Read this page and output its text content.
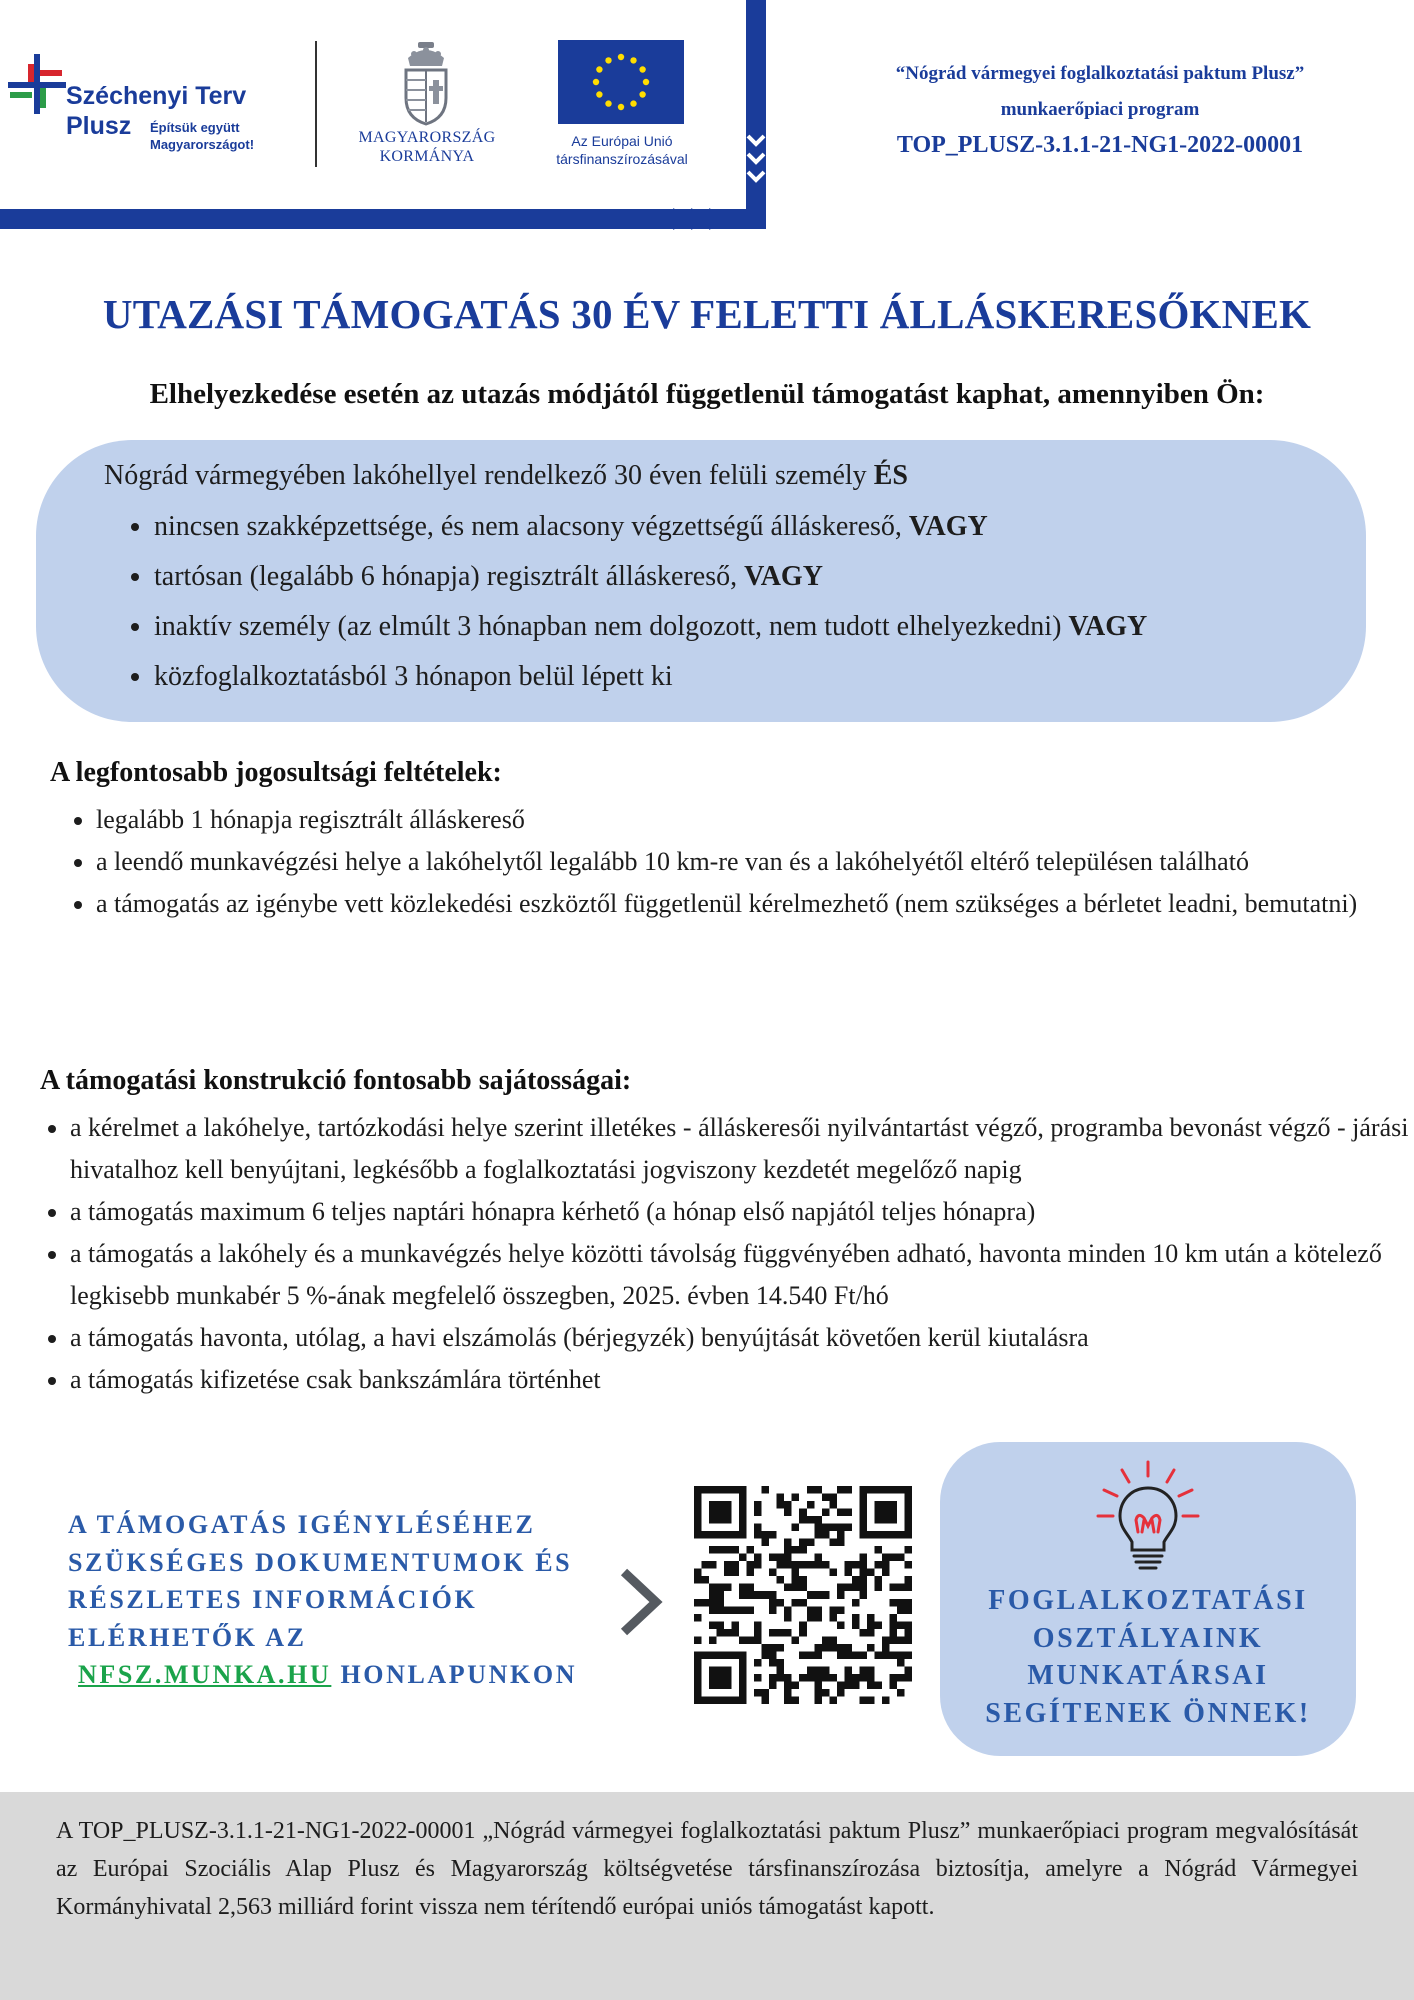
Széchenyi Terv
Plusz Építsük együtt Magyarországot!	MAGYARORSZÁG
KORMÁNYA
Az Európai Unió
társfinanszírozásával
“Nógrád vármegyei foglalkoztatási paktum Plusz”
munkaerőpiaci program
TOP_PLUSZ-3.1.1-21-NG1-2022-00001
UTAZÁSI TÁMOGATÁS 30 ÉV FELETTI ÁLLÁSKERESŐKNEK
Elhelyezkedése esetén az utazás módjától függetlenül támogatást kaphat, amennyiben Ön:
Nógrád vármegyében lakóhellyel rendelkező 30 éven felüli személy ÉS
• nincsen szakképzettsége, és nem alacsony végzettségű álláskereső, VAGY
• tartósan (legalább 6 hónapja) regisztrált álláskereső, VAGY
• inaktív személy (az elmúlt 3 hónapban nem dolgozott, nem tudott elhelyezkedni) VAGY
• közfoglalkoztatásból 3 hónapon belül lépett ki
A legfontosabb jogosultsági feltételek:
• legalább 1 hónapja regisztrált álláskereső
• a leendő munkavégzési helye a lakóhelytől legalább 10 km-re van és a lakóhelyétől eltérő településen található
• a támogatás az igénybe vett közlekedési eszköztől függetlenül kérelmezhető (nem szükséges a bérletet leadni, bemutatni)
A támogatási konstrukció fontosabb sajátosságai:
• a kérelmet a lakóhelye, tartózkodási helye szerint illetékes - álláskeresői nyilvántartást végző, programba bevonást végző - járási hivatalhoz kell benyújtani, legkésőbb a foglalkoztatási jogviszony kezdetét megelőző napig
• a támogatás maximum 6 teljes naptári hónapra kérhető (a hónap első napjától teljes hónapra)
• a támogatás a lakóhely és a munkavégzés helye közötti távolság függvényében adható, havonta minden 10 km után a kötelező legkisebb munkabér 5 %-ának megfelelő összegben, 2025. évben 14.540 Ft/hó
• a támogatás havonta, utólag, a havi elszámolás (bérjegyzék) benyújtását követően kerül kiutalásra
• a támogatás kifizetése csak bankszámlára történhet
A TÁMOGATÁS IGÉNYLÉSÉHEZ
SZÜKSÉGES DOKUMENTUMOK ÉS
RÉSZLETES INFORMÁCIÓK
ELÉRHETŐK AZ
NFSZ.MUNKA.HU HONLAPUNKON
FOGLALKOZTATÁSI
OSZTÁLYAINK
MUNKATÁRSAI
SEGÍTENEK ÖNNEK!
A TOP_PLUSZ-3.1.1-21-NG1-2022-00001 „Nógrád vármegyei foglalkoztatási paktum Plusz” munkaerőpiaci program megvalósítását az Európai Szociális Alap Plusz és Magyarország költségvetése társfinanszírozása biztosítja, amelyre a Nógrád Vármegyei Kormányhivatal 2,563 milliárd forint vissza nem térítendő európai uniós támogatást kapott.
